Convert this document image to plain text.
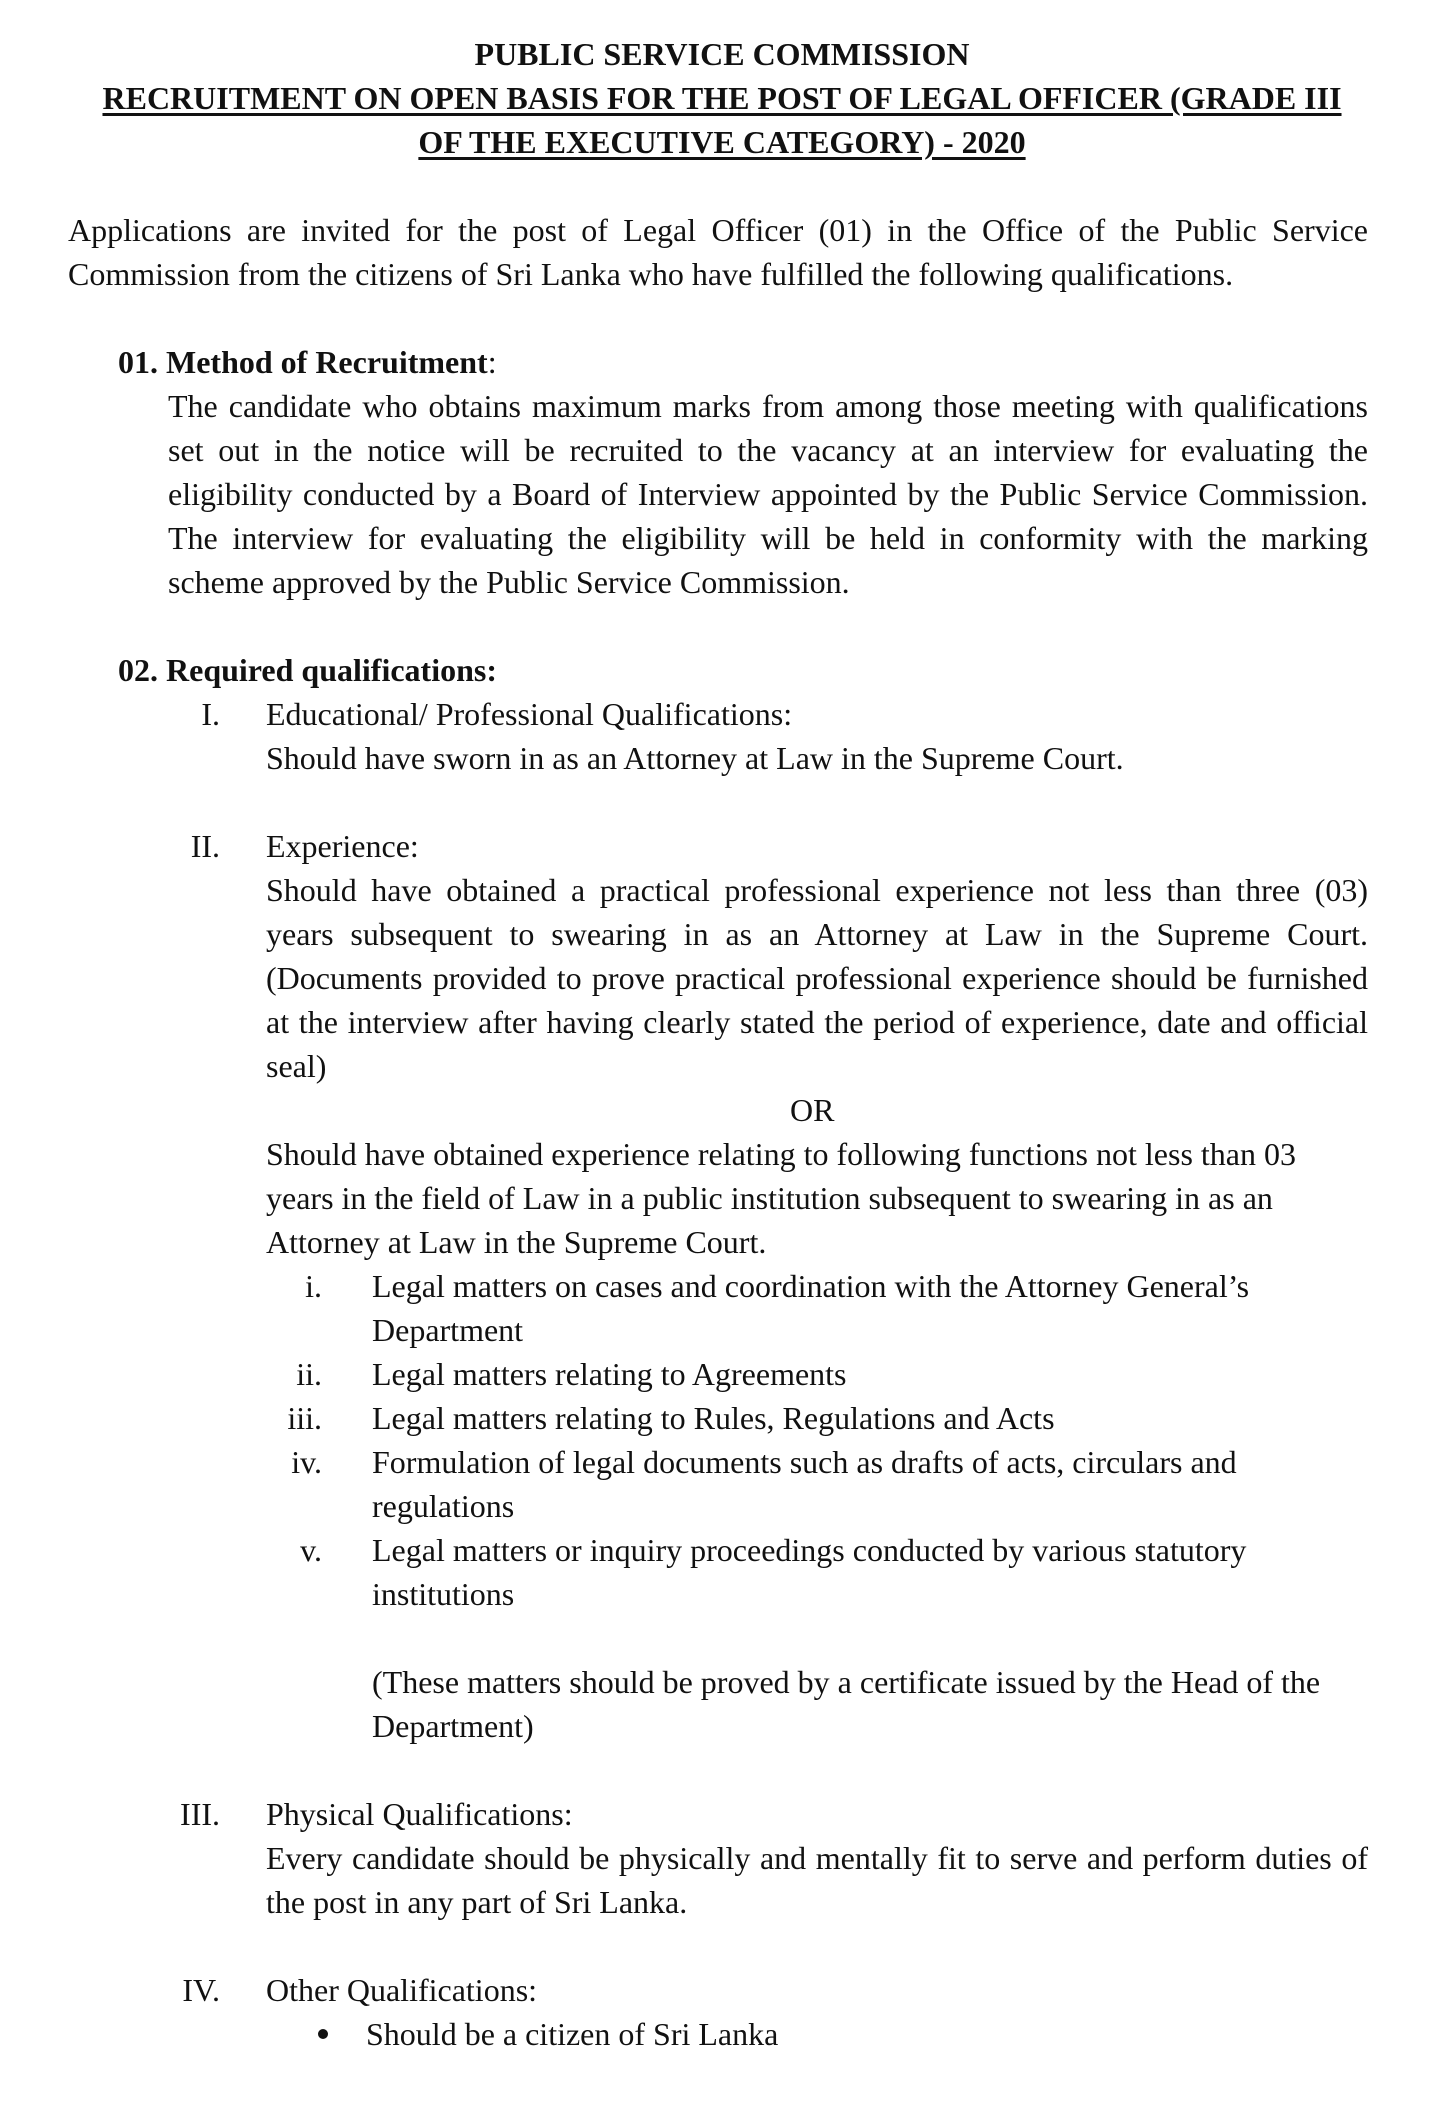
PUBLIC SERVICE COMMISSION
RECRUITMENT ON OPEN BASIS FOR THE POST OF LEGAL OFFICER (GRADE III
OF THE EXECUTIVE CATEGORY) - 2020
Applications are invited for the post of Legal Officer (01) in the Office of the Public Service Commission from the citizens of Sri Lanka who have fulfilled the following qualifications.
01. Method of Recruitment:
The candidate who obtains maximum marks from among those meeting with qualifications set out in the notice will be recruited to the vacancy at an interview for evaluating the eligibility conducted by a Board of Interview appointed by the Public Service Commission. The interview for evaluating the eligibility will be held in conformity with the marking scheme approved by the Public Service Commission.
02. Required qualifications:
I. Educational/ Professional Qualifications:
Should have sworn in as an Attorney at Law in the Supreme Court.
II. Experience:
Should have obtained a practical professional experience not less than three (03) years subsequent to swearing in as an Attorney at Law in the Supreme Court. (Documents provided to prove practical professional experience should be furnished at the interview after having clearly stated the period of experience, date and official seal)
OR
Should have obtained experience relating to following functions not less than 03
years in the field of Law in a public institution subsequent to swearing in as an
Attorney at Law in the Supreme Court.
i. Legal matters on cases and coordination with the Attorney General’s
Department
ii. Legal matters relating to Agreements
iii. Legal matters relating to Rules, Regulations and Acts
iv. Formulation of legal documents such as drafts of acts, circulars and
regulations
v. Legal matters or inquiry proceedings conducted by various statutory
institutions
(These matters should be proved by a certificate issued by the Head of the
Department)
III. Physical Qualifications:
Every candidate should be physically and mentally fit to serve and perform duties of the post in any part of Sri Lanka.
IV. Other Qualifications:
Should be a citizen of Sri Lanka
